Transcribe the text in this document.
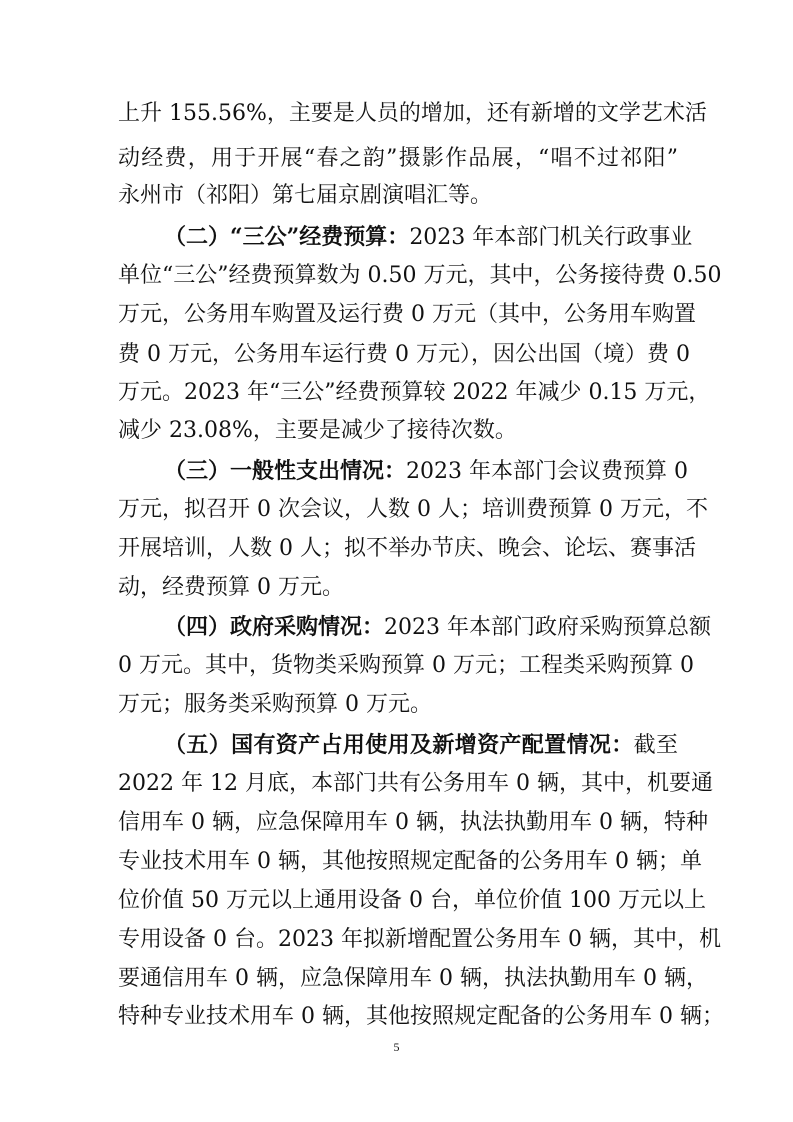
上升 155.56%，主要是人员的增加，还有新增的文学艺术活
动经费，用于开展“春之韵”摄影作品展，“唱不过祁阳”
永州市（祁阳）第七届京剧演唱汇等。
（二）“三公”经费预算：2023 年本部门机关行政事业
单位“三公”经费预算数为 0.50 万元，其中，公务接待费 0.50
万元，公务用车购置及运行费 0 万元（其中，公务用车购置
费 0 万元，公务用车运行费 0 万元），因公出国（境）费 0
万元。2023 年“三公”经费预算较 2022 年减少 0.15 万元，
减少 23.08%，主要是减少了接待次数。
（三）一般性支出情况：2023 年本部门会议费预算 0
万元，拟召开 0 次会议，人数 0 人；培训费预算 0 万元，不
开展培训，人数 0 人；拟不举办节庆、晚会、论坛、赛事活
动，经费预算 0 万元。
（四）政府采购情况：2023 年本部门政府采购预算总额
0 万元。其中，货物类采购预算 0 万元；工程类采购预算 0
万元；服务类采购预算 0 万元。
（五）国有资产占用使用及新增资产配置情况：截至
2022 年 12 月底，本部门共有公务用车 0 辆，其中，机要通
信用车 0 辆，应急保障用车 0 辆，执法执勤用车 0 辆，特种
专业技术用车 0 辆，其他按照规定配备的公务用车 0 辆；单
位价值 50 万元以上通用设备 0 台，单位价值 100 万元以上
专用设备 0 台。2023 年拟新增配置公务用车 0 辆，其中，机
要通信用车 0 辆，应急保障用车 0 辆，执法执勤用车 0 辆，
特种专业技术用车 0 辆，其他按照规定配备的公务用车 0 辆；
5
